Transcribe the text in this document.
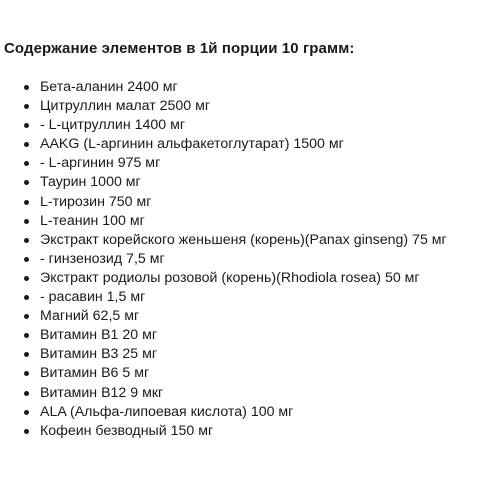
Содержание элементов в 1й порции 10 грамм:
Бета-аланин 2400 мг
Цитруллин малат 2500 мг
- L-цитруллин 1400 мг
AAKG (L-аргинин альфакетоглутарат) 1500 мг
- L-аргинин 975 мг
Таурин 1000 мг
L-тирозин 750 мг
L-теанин 100 мг
Экстракт корейского женьшеня (корень)(Panax ginseng) 75 мг
- гинзенозид 7,5 мг
Экстракт родиолы розовой (корень)(Rhodiola rosea) 50 мг
- расавин 1,5 мг
Магний 62,5 мг
Витамин B1 20 мг
Витамин B3 25 мг
Витамин B6 5 мг
Витамин B12 9 мкг
ALA (Альфа-липоевая кислота) 100 мг
Кофеин безводный 150 мг
